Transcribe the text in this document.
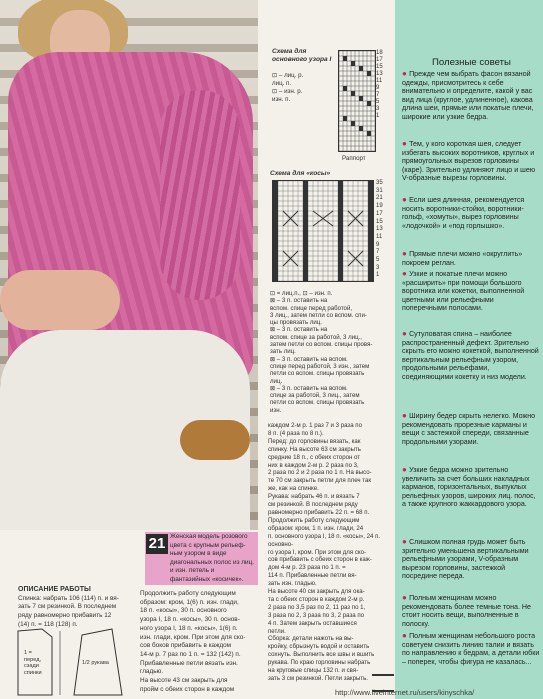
21 Женская модель розового цвета с крупным рельеф-ным узором в виде диагональных полос из лиц. и изн. петель и фантазийных «косичек».
ОПИСАНИЕ РАБОТЫ
Спинка: набрать 106 (114) п. и вя-
зать 7 см резинкой. В последнем
ряду равномерно прибавить 12
(14) п. = 118 (128) п.
1 = перед, сзади спинки
1/2 рукава
Продолжить работу следующим
образом: кром, 1(6) п. изн. глади,
18 п. «косы», 30 п. основного
узора I, 18 п. «косы», 30 п. основ-
ного узора I, 18 п. «косы», 1(6) п.
изн. глади, кром. При этом для ско-
сов боков прибавить в каждом
14-м р. 7 раз по 1 п. = 132 (142) п.
Прибавленные петли вязать изн.
гладью.
На высоте 43 см закрыть для
пройм с обеих сторон в каждом
Схема для основного узора I
⊡ – лиц. р.
лиц. п.
⊡ – изн. р.
изн. п.
18
17
15
13
11
9
7
5
3
1
Раппорт
Схема для «косы»
35
31
21
19
17
15
13
11
9
7
5
3
1
⊡ = лиц.п., ⊡ – изн. п.
⊠ – 3 п. оставить на
вспом. спице перед работой,
3 лиц., затем петли со вспом. спи-
цы провязать лиц.
⊠ – 3 п. оставить на
вспом. спице за работой, 3 лиц.,
затем петли со вспом. спицы провя-
зать лиц.
⊠ – 3 п. оставить на вспом.
спице перед работой, 3 изн., затем
петли со вспом. спицы провязать
лиц.
⊠ – 3 п. оставить на вспом.
спице за работой, 3 лиц., затем
петли со вспом. спицы провязать
изн.
каждом 2-м р. 1 раз 7 и 3 раза по
8 п. (4 раза по 8 п.).
Перед: до горловины вязать, как
спинку. На высоте 63 см закрыть
средние 18 п., с обеих сторон от
них в каждом 2-м р. 2 раза по 3,
2 раза по 2 и 2 раза по 1 п. На высо-
те 70 см закрыть петли для плеч так
же, как на спинке.
Рукава: набрать 46 п. и вязать 7
см резинкой. В последнем ряду
равномерно прибавить 22 п. = 68 п.
Продолжить работу следующим
образом: кром, 1 п. изн. глади, 24
п. основного узора I, 18 п. «косы», 24 п. основно-
го узора I, кром. При этом для ско-
сов прибавить с обеих сторон в каж-
дом 4-м р. 23 раза по 1 п. =
114 п. Прибавленные петли вя-
зать изн. гладью.
На высоте 40 см закрыть для ока-
та с обеих сторон в каждом 2-м р.
2 раза по 3,5 раз по 2, 11 раз по 1,
3 раза по 2, 3 раза по 3, 2 раза по
4 п. Затем закрыть оставшиеся
петли.
Сборка: детали нажоть на вы-
кройку, сбрызнуть водой и оставить
сохнуть. Выполнить все швы и вшить
рукава. По краю горловины набрать
на круговые спицы 132 п. и свя-
зать 3 см резинкой. Петли закрыть.
Полезные советы
● Прежде чем выбрать фасон вязаной одежды, присмотритесь к себе внимательно и определите, какой у вас вид лица (круглое, удлиненное), какова длина шеи, прямые или покатые плечи, широкие или узкие бедра.
● Тем, у кого короткая шея, следует избегать высоких воротников, круглых и прямоугольных вырезов горловины (каре). Зрительно удлиняют лицо и шею V-образные вырезы горловины.
● Если шея длинная, рекомендуется носить воротники-стойки, воротники-гольф, «хомуты», вырез горловины «лодочкой» и «под горлышко».
● Прямые плечи можно «округлить» покроем реглан.
● Узкие и покатые плечи можно «расширить» при помощи большого воротника или кокетки, выполненной цветными или рельефными поперечными полосами.
● Сутуловатая спина – наиболее распространенный дефект. Зрительно скрыть его можно кокеткой, выполненной вертикальным рельефным узором, продольными рельефами, соединяющими кокетку и низ модели.
● Ширину бедер скрыть нелегко. Можно рекомендовать прорезные карманы и вещи с застежкой спереди, связанные продольными узорами.
● Узкие бедра можно зрительно увеличить за счет больших накладных карманов, горизонтальных, выпуклых рельефных узоров, широких лиц. полос, а также крупного жаккардового узора.
● Слишком полная грудь может быть зрительно уменьшена вертикальными рельефными узорами, V-образным вырезом горловины, застежкой посредине переда.
● Полным женщинам можно рекомендовать более темные тона. Не стоит носить вещи, выполненные в полоску.
● Полным женщинам небольшого роста советуем снизить линию талии и вязать по направлению к бедрам, а детали юбки – поперек, чтобы фигура не казалась...
http://www.liveinternet.ru/users/kinyschka/
